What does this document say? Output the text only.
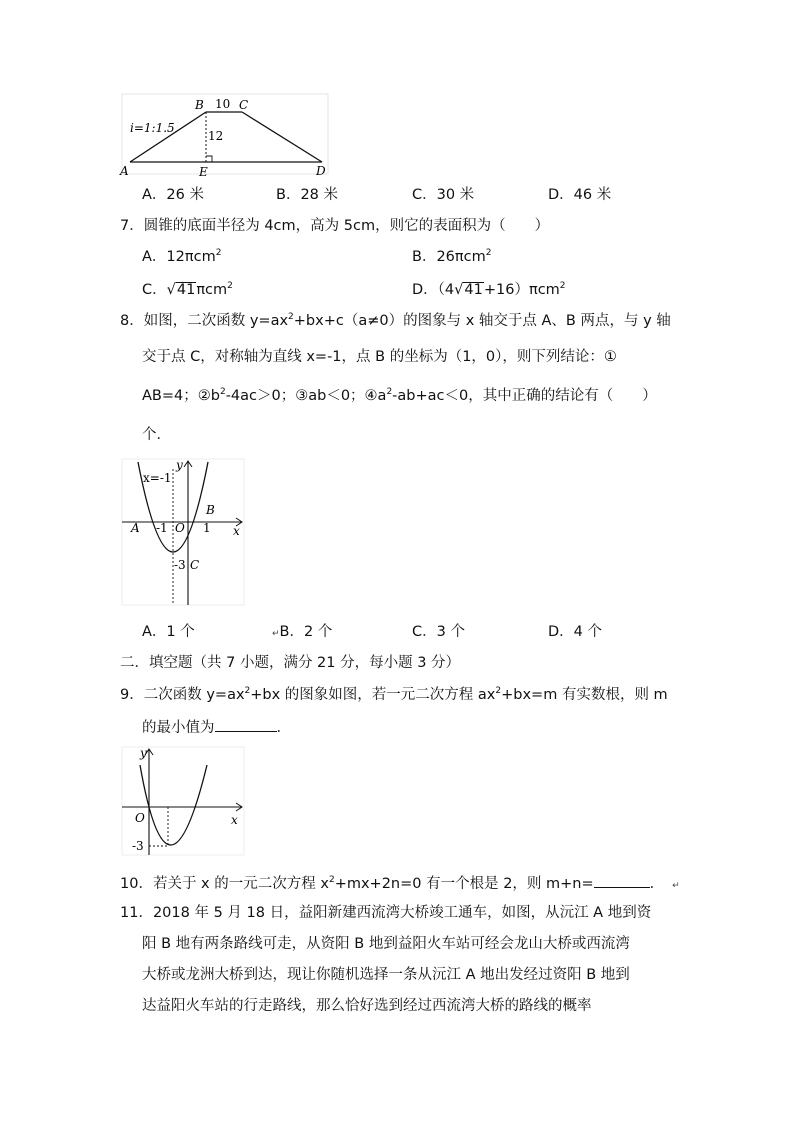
i=1:1.5
B 10 C
12
A	E	D
A．26 米	B．28 米	C．30 米	D．46 米
7．圆锥的底面半径为 4cm，高为 5cm，则它的表面积为（　　）
A．12πcm$^2$	B．26πcm$^2$
C．√41πcm$^2$	D．（4√41+16）πcm$^2$
8．如图，二次函数 $y=ax^2+bx+c(a\ne 0)$的图象与 x 轴交于点 A、B 两点，与 y 轴
交于点 C，对称轴为直线 x=-1，点 B 的坐标为（1，0），则下列结论：①
AB=4；$②b^2-4ac>0$；③ab＜0；$④a^2-ab+ac<0$，其中正确的结论有（　　）
个．
x=-1
y
x
B
A -1 O 1
-3 C
A．1 个	↵B．2 个	C．3 个	D．4 个
二．填空题（共 7 小题，满分 21 分，每小题 3 分）
9．二次函数 $y=ax^2+bx$ 的图象如图，若一元二次方程 $ax^2+bx=m$ 有实数根，则 m
的最小值为	．
y
x
O
-3
10．若关于 x 的一元二次方程 $x^2+mx+2n=0$ 有一个根是 2，则 m+n=	． ↵
11．2018 年 5 月 18 日，益阳新建西流湾大桥竣工通车，如图，从沅江 A 地到资
阳 B 地有两条路线可走，从资阳 B 地到益阳火车站可经会龙山大桥或西流湾
大桥或龙洲大桥到达，现让你随机选择一条从沅江 A 地出发经过资阳 B 地到
达益阳火车站的行走路线，那么恰好选到经过西流湾大桥的路线的概率
